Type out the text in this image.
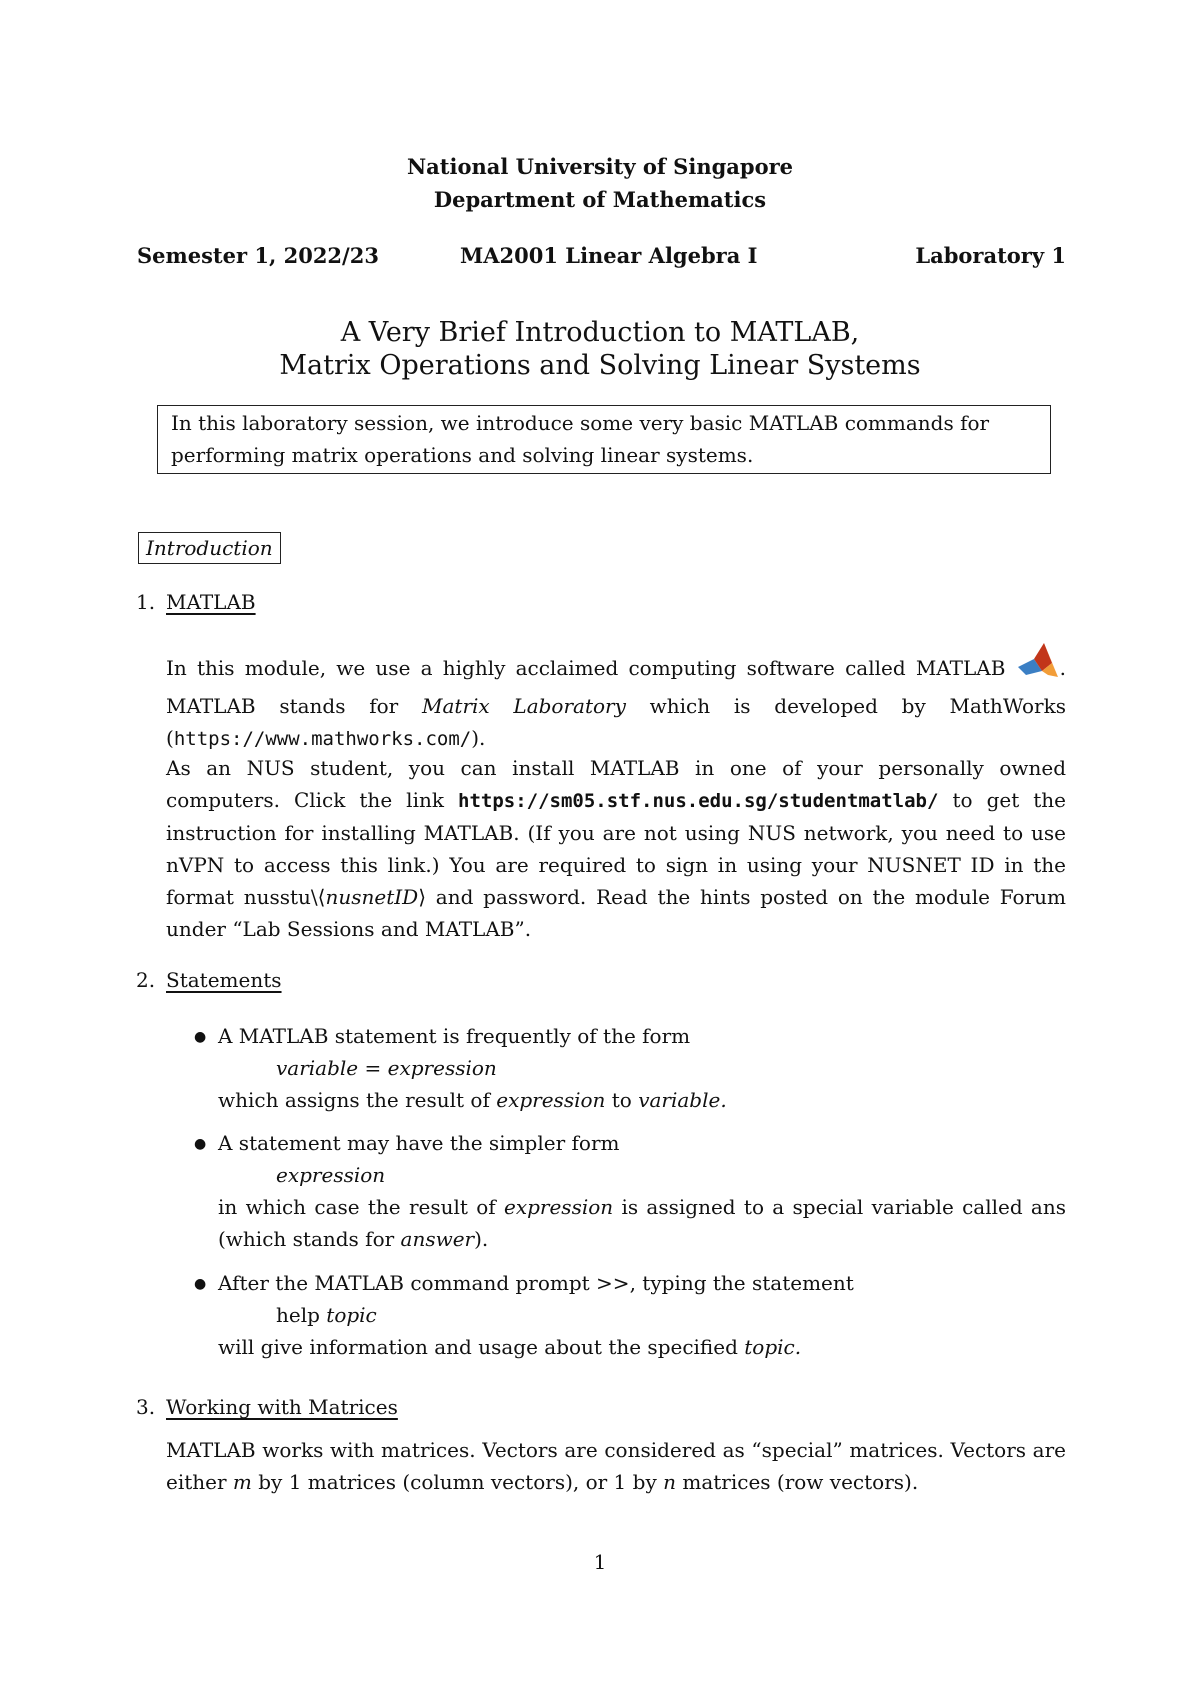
National University of Singapore
Department of Mathematics
Semester 1, 2022/23	MA2001 Linear Algebra I	Laboratory 1
A Very Brief Introduction to MATLAB,
Matrix Operations and Solving Linear Systems

In this laboratory session, we introduce some very basic MATLAB commands for performing matrix operations and solving linear systems.

Introduction
1. MATLAB
In this module, we use a highly acclaimed computing software called MATLAB	. MATLAB stands for Matrix Laboratory which is developed by MathWorks (https://www.mathworks.com/).
As an NUS student, you can install MATLAB in one of your personally owned computers. Click the link https://sm05.stf.nus.edu.sg/studentmatlab/ to get the instruction for installing MATLAB. (If you are not using NUS network, you need to use nVPN to access this link.) You are required to sign in using your NUSNET ID in the format nusstu\⟨nusnetID⟩ and password. Read the hints posted on the module Forum under “Lab Sessions and MATLAB”.
2. Statements
● A MATLAB statement is frequently of the form
variable = expression
which assigns the result of expression to variable.
● A statement may have the simpler form
expression
in which case the result of expression is assigned to a special variable called ans (which stands for answer).
● After the MATLAB command prompt >>, typing the statement
help topic
will give information and usage about the specified topic.
3. Working with Matrices
MATLAB works with matrices. Vectors are considered as “special” matrices. Vectors are either m by 1 matrices (column vectors), or 1 by n matrices (row vectors).
1
